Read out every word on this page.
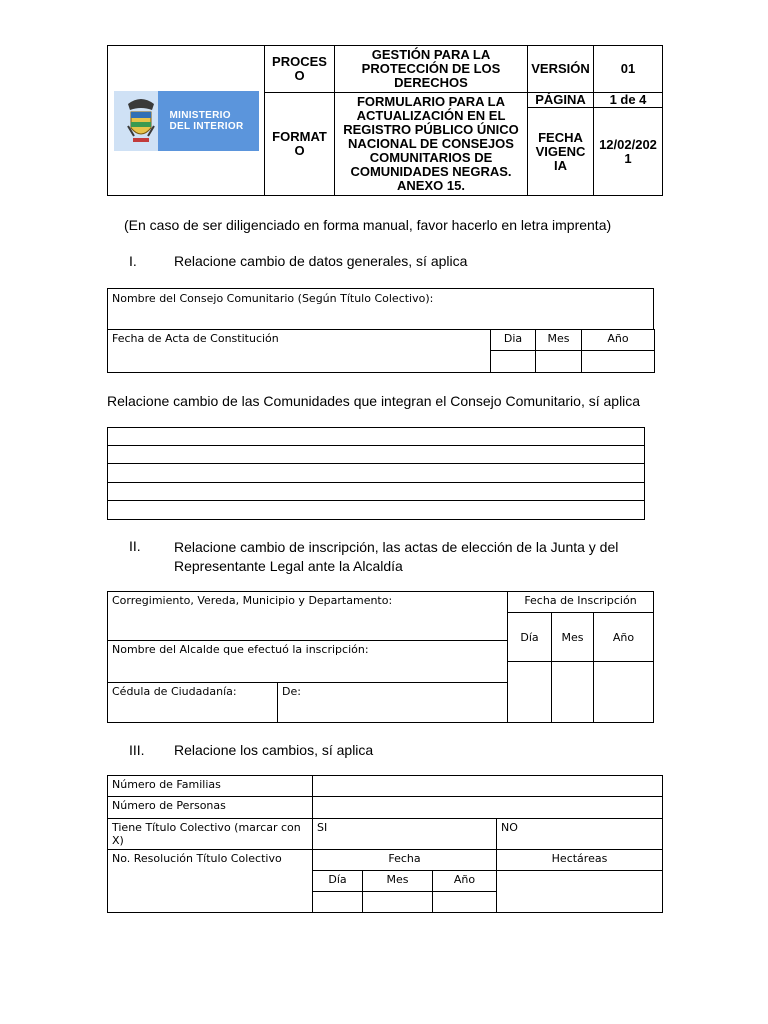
MINISTERIO
DEL INTERIOR	PROCESO	GESTIÓN PARA LA PROTECCIÓN DE LOS DERECHOS	VERSIÓN	01
	FORMATO	FORMULARIO PARA LA ACTUALIZACIÓN EN EL REGISTRO PÚBLICO ÚNICO NACIONAL DE CONSEJOS COMUNITARIOS DE COMUNIDADES NEGRAS. ANEXO 15.	PÁGINA	1 de 4
			FECHA VIGENCIA	12/02/2021
(En caso de ser diligenciado en forma manual, favor hacerlo en letra imprenta)
I.	Relacione cambio de datos generales, sí aplica
Nombre del Consejo Comunitario (Según Título Colectivo):
Fecha de Acta de Constitución	Dia	Mes	Año

Relacione cambio de las Comunidades que integran el Consejo Comunitario, sí aplica

II. Relacione cambio de inscripción, las actas de elección de la Junta y del Representante Legal ante la Alcaldía
Corregimiento, Vereda, Municipio y Departamento:		Fecha de Inscripción		
		Día	Mes	Año
Nombre del Alcalde que efectuó la inscripción:				

Cédula de Ciudadanía:	De:			
III. Relacione los cambios, sí aplica
Número de Familias				
Número de Personas				
Tiene Título Colectivo (marcar con X)	SI			NO
No. Resolución Título Colectivo	Fecha			Hectáreas
	Día	Mes	Año	
